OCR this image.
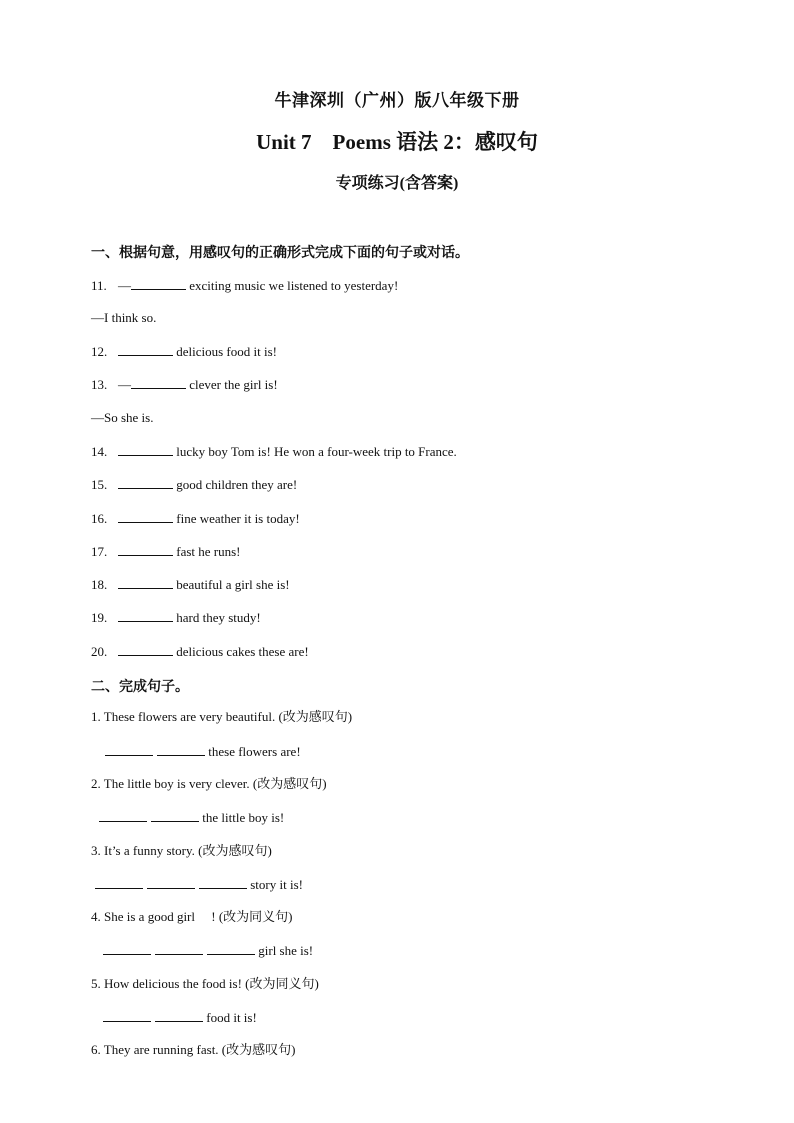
牛津深圳（广州）版八年级下册
Unit 7　Poems 语法 2：感叹句
专项练习(含答案)
一、根据句意，用感叹句的正确形式完成下面的句子或对话。
11. —	exciting music we listened to yesterday!
—I think so.
12.	delicious food it is!
13. —	clever the girl is!
—So she is.
14.	lucky boy Tom is! He won a four-week trip to France.
15.	good children they are!
16.	fine weather it is today!
17.	fast he runs!
18.	beautiful a girl she is!
19.	hard they study!
20.	delicious cakes these are!
二、完成句子。
1. These flowers are very beautiful. (改为感叹句)
these flowers are!
2. The little boy is very clever. (改为感叹句)
the little boy is!
3. It’s a funny story. (改为感叹句)
story it is!
4. She is a good girl 　! (改为同义句)
girl she is!
5. How delicious the food is! (改为同义句)
food it is!
6. They are running fast. (改为感叹句)
